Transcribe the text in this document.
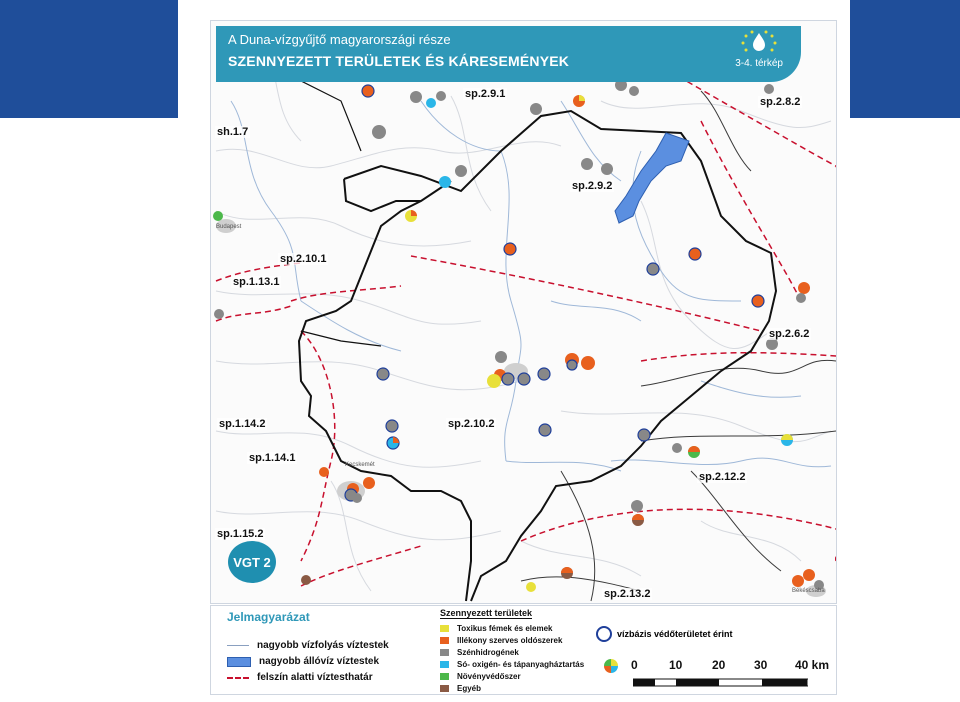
A Duna-vízgyűjtő magyarországi része
SZENNYEZETT TERÜLETEK ÉS KÁRESEMÉNYEK	3-4. térkép
sp.2.9.1
sp.2.8.2
sh.1.7
sp.2.9.2
sp.2.10.1
sp.1.13.1
sp.2.6.2
sp.1.14.2	sp.2.10.2
sp.1.14.1
sp.2.12.2
sp.1.15.2
sp.2.13.2
Budapest
Kecskemét
Békéscsaba
VGT 2
Jelmagyarázat
nagyobb vízfolyás víztestek
nagyobb állóvíz víztestek
felszín alatti víztesthatár
Szennyezett területek
Toxikus fémek és elemek
Illékony szerves oldószerek
Szénhidrogének
Só- oxigén- és tápanyagháztartás
Növényvédőszer
Egyéb
vízbázis védőterületet érint
0	10 20 30 40 km
